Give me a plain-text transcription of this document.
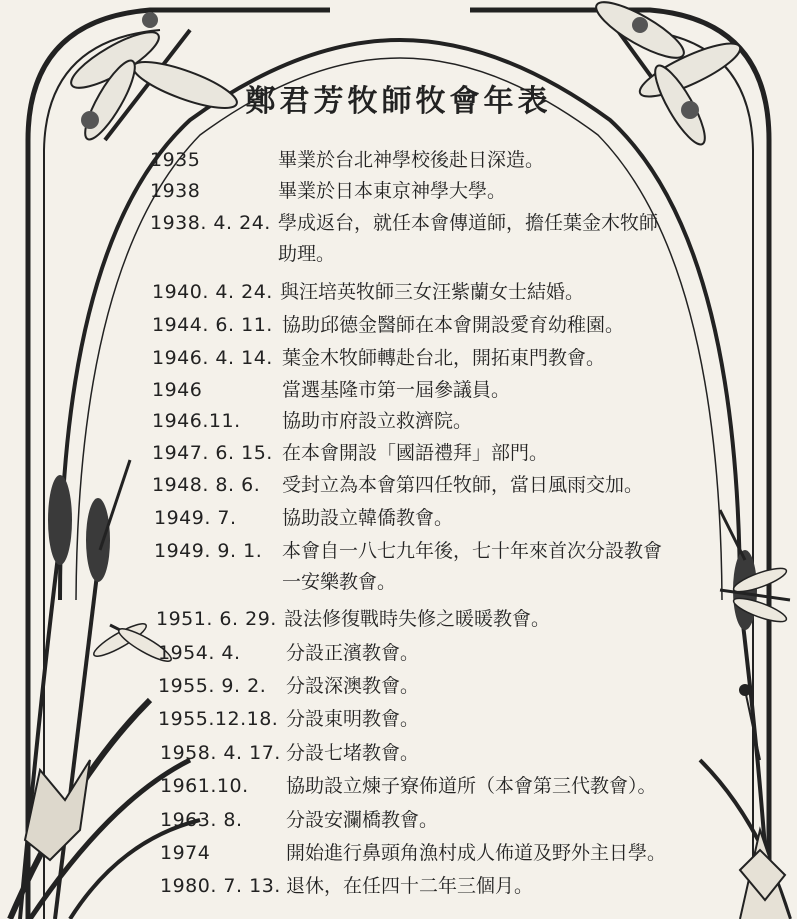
鄭君芳牧師牧會年表
1935	畢業於台北神學校後赴日深造。
1938	畢業於日本東京神學大學。
1938. 4. 24. 學成返台，就任本會傳道師，擔任葉金木牧師
助理。
1940. 4. 24. 與汪培英牧師三女汪紫蘭女士結婚。
1944. 6. 11. 協助邱德金醫師在本會開設愛育幼稚園。
1946. 4. 14. 葉金木牧師轉赴台北，開拓東門教會。
1946	當選基隆市第一屆參議員。
1946.11. 協助市府設立救濟院。
1947. 6. 15. 在本會開設「國語禮拜」部門。
1948. 8. 6. 受封立為本會第四任牧師，當日風雨交加。
1949. 7. 協助設立韓僑教會。
1949. 9. 1. 本會自一八七九年後，七十年來首次分設教會
一安樂教會。
1951. 6. 29. 設法修復戰時失修之暖暖教會。
1954. 4. 分設正濱教會。
1955. 9. 2. 分設深澳教會。
1955.12.18. 分設東明教會。
1958. 4. 17. 分設七堵教會。
1961.10. 協助設立煉子寮佈道所（本會第三代教會）。
1963. 8. 分設安瀾橋教會。
1974	開始進行鼻頭角漁村成人佈道及野外主日學。
1980. 7. 13. 退休，在任四十二年三個月。
